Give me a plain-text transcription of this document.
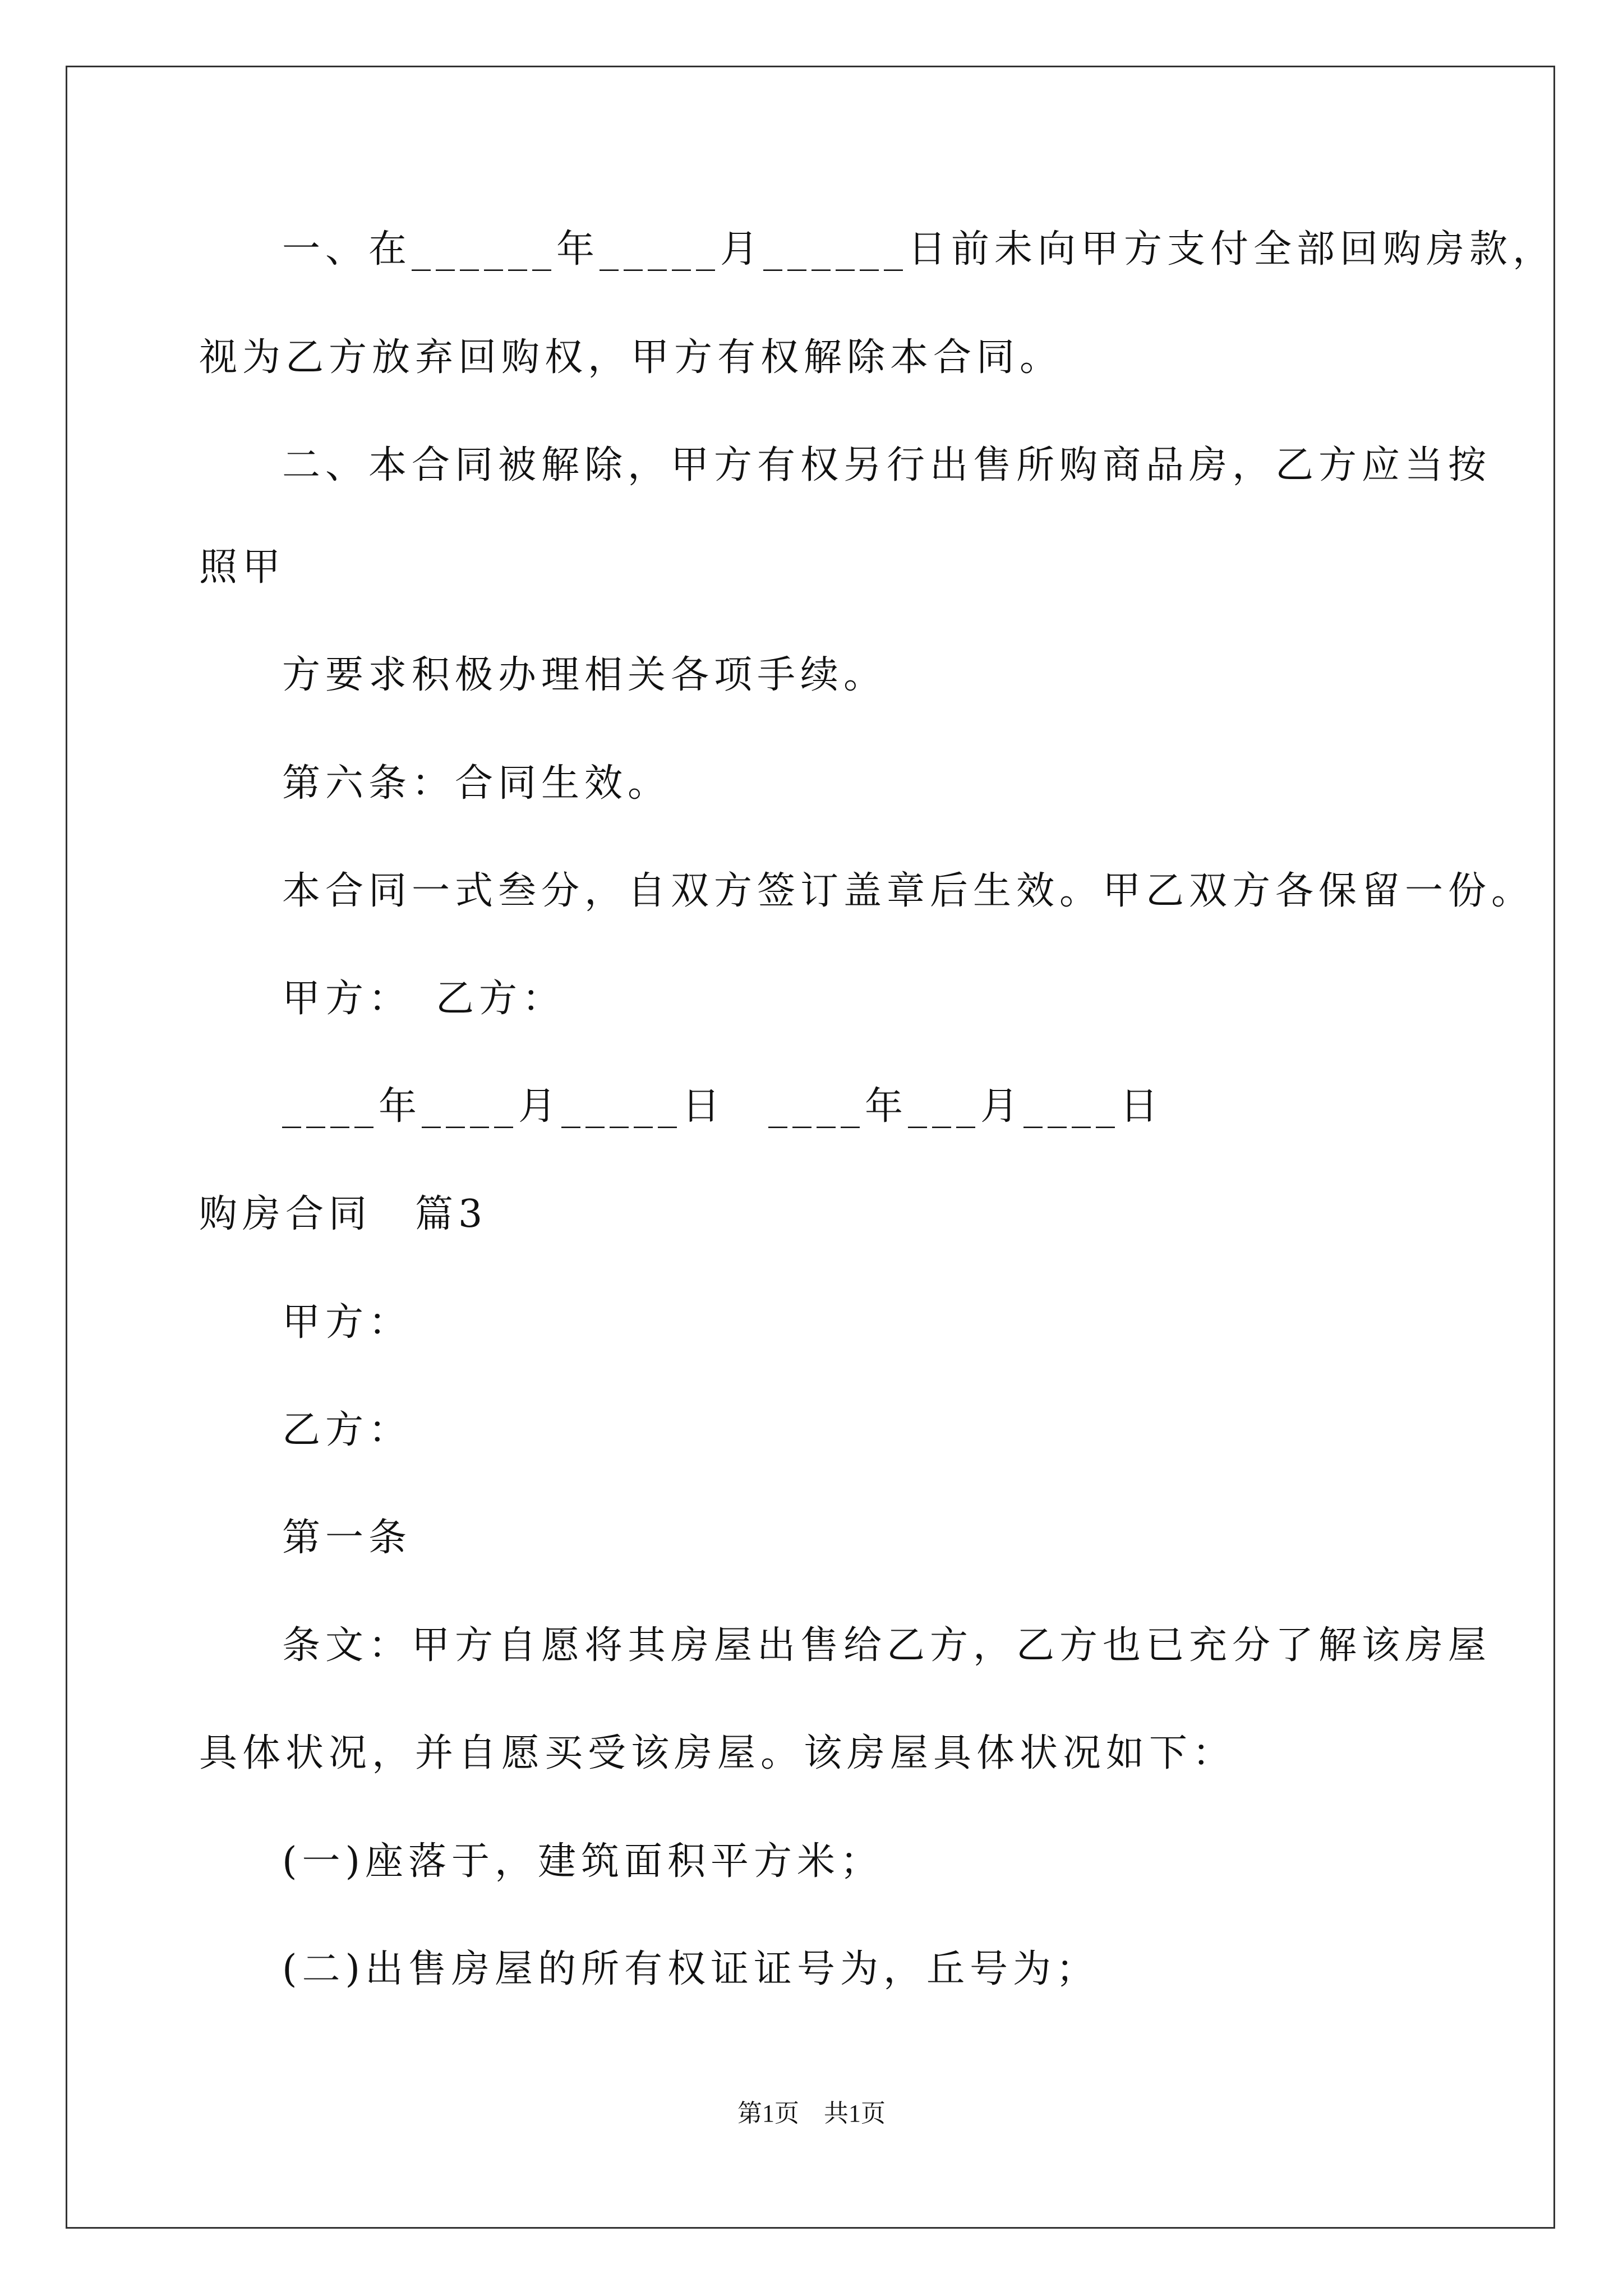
一、在______年_____月______日前未向甲方支付全部回购房款，
视为乙方放弃回购权，甲方有权解除本合同。
二、本合同被解除，甲方有权另行出售所购商品房，乙方应当按
照甲
方要求积极办理相关各项手续。
第六条：合同生效。
本合同一式叁分，自双方签订盖章后生效。甲乙双方各保留一份。
甲方：　乙方：
____年____月_____日　____年___月____日
购房合同　篇3
甲方：
乙方：
第一条
条文：甲方自愿将其房屋出售给乙方，乙方也已充分了解该房屋
具体状况，并自愿买受该房屋。该房屋具体状况如下：
(一)座落于，建筑面积平方米；
(二)出售房屋的所有权证证号为，丘号为；
第1页　共1页
